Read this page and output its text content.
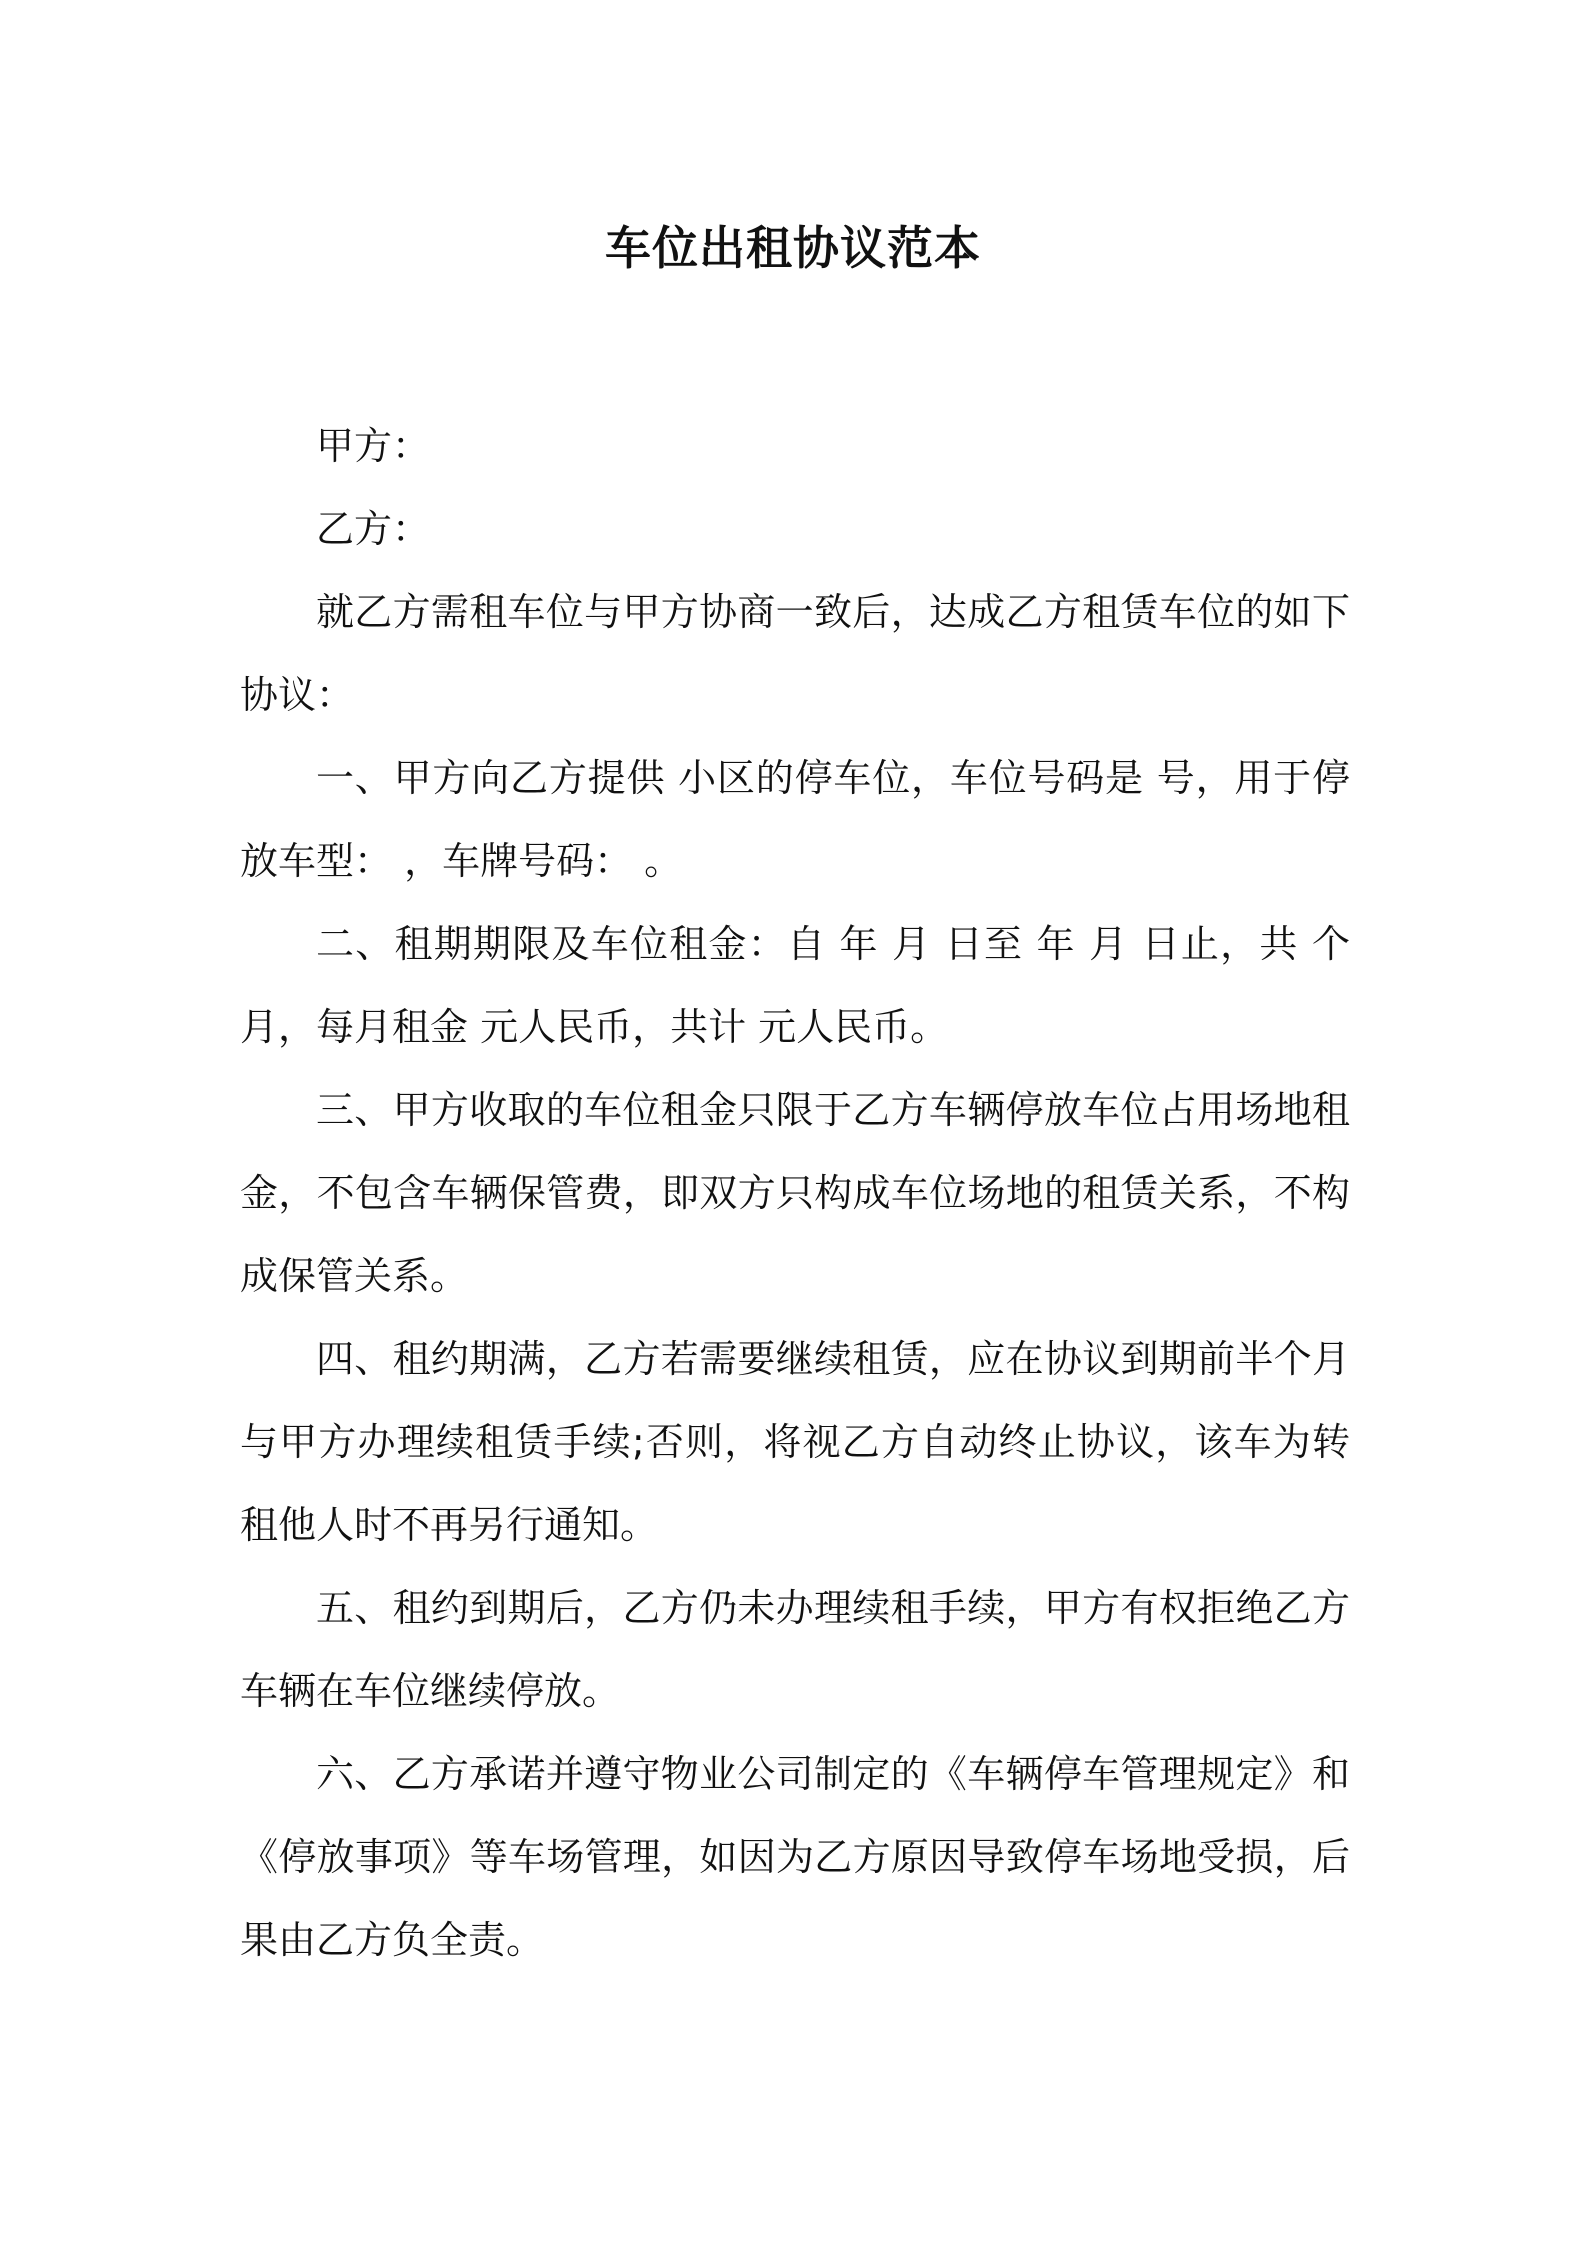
车位出租协议范本

甲方：

乙方：

就乙方需租车位与甲方协商一致后，达成乙方租赁车位的如下协议：

一、甲方向乙方提供 小区的停车位，车位号码是 号，用于停放车型： ，车牌号码： 。

二、租期期限及车位租金：自 年 月 日至 年 月 日止，共 个月，每月租金 元人民币，共计 元人民币。

三、甲方收取的车位租金只限于乙方车辆停放车位占用场地租金，不包含车辆保管费，即双方只构成车位场地的租赁关系，不构成保管关系。

四、租约期满，乙方若需要继续租赁，应在协议到期前半个月与甲方办理续租赁手续;否则，将视乙方自动终止协议，该车为转租他人时不再另行通知。

五、租约到期后，乙方仍未办理续租手续，甲方有权拒绝乙方车辆在车位继续停放。

六、乙方承诺并遵守物业公司制定的《车辆停车管理规定》和《停放事项》等车场管理，如因为乙方原因导致停车场地受损，后果由乙方负全责。
